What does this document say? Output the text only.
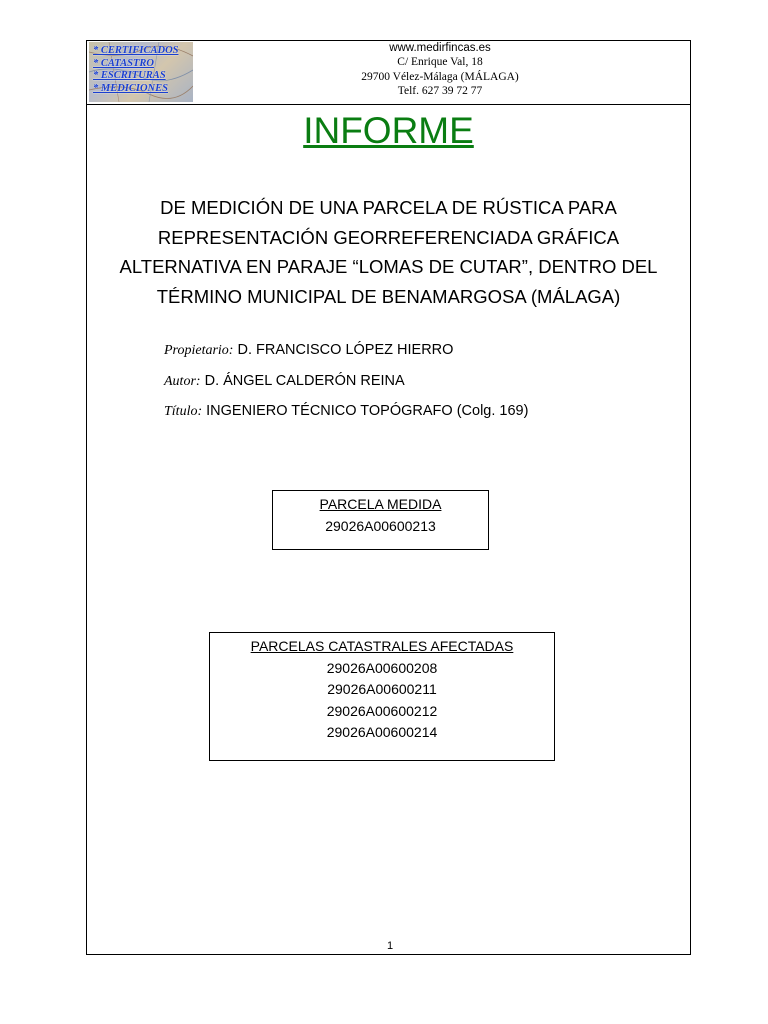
* CERTIFICADOS
* CATASTRO
* ESCRITURAS
* MEDICIONES
www.medirfincas.es
C/ Enrique Val, 18
29700 Vélez-Málaga (MÁLAGA)
Telf. 627 39 72 77
INFORME
DE MEDICIÓN DE UNA PARCELA DE RÚSTICA PARA
REPRESENTACIÓN GEORREFERENCIADA GRÁFICA
ALTERNATIVA EN PARAJE “LOMAS DE CUTAR”, DENTRO DEL
TÉRMINO MUNICIPAL DE BENAMARGOSA (MÁLAGA)
Propietario: D. FRANCISCO LÓPEZ HIERRO
Autor: D. ÁNGEL CALDERÓN REINA
Título: INGENIERO TÉCNICO TOPÓGRAFO (Colg. 169)
PARCELA MEDIDA
29026A00600213
PARCELAS CATASTRALES AFECTADAS
29026A00600208
29026A00600211
29026A00600212
29026A00600214
1
